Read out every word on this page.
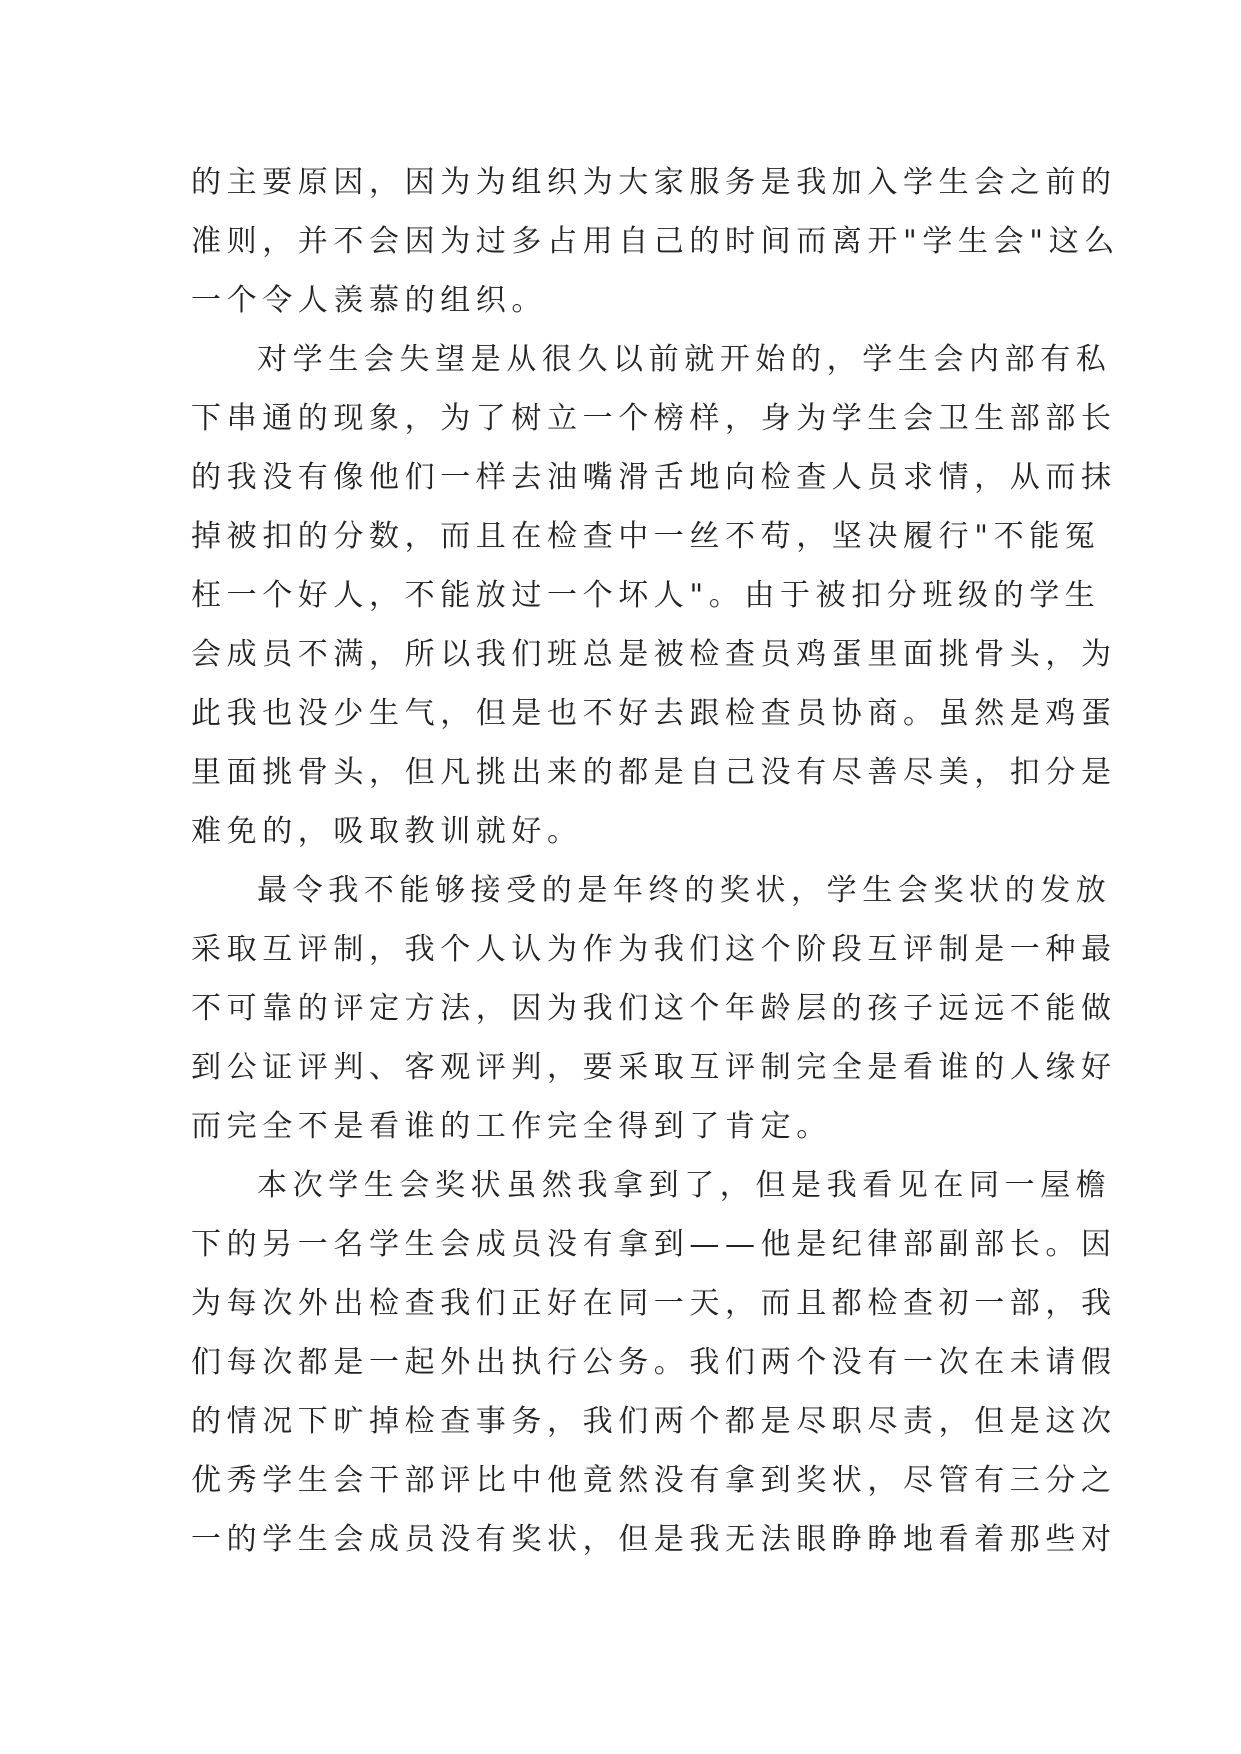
的主要原因，因为为组织为大家服务是我加入学生会之前的
准则，并不会因为过多占用自己的时间而离开"学生会"这么
一个令人羡慕的组织。
对学生会失望是从很久以前就开始的，学生会内部有私
下串通的现象，为了树立一个榜样，身为学生会卫生部部长
的我没有像他们一样去油嘴滑舌地向检查人员求情，从而抹
掉被扣的分数，而且在检查中一丝不苟，坚决履行"不能冤
枉一个好人，不能放过一个坏人"。由于被扣分班级的学生
会成员不满，所以我们班总是被检查员鸡蛋里面挑骨头，为
此我也没少生气，但是也不好去跟检查员协商。虽然是鸡蛋
里面挑骨头，但凡挑出来的都是自己没有尽善尽美，扣分是
难免的，吸取教训就好。
最令我不能够接受的是年终的奖状，学生会奖状的发放
采取互评制，我个人认为作为我们这个阶段互评制是一种最
不可靠的评定方法，因为我们这个年龄层的孩子远远不能做
到公证评判、客观评判，要采取互评制完全是看谁的人缘好
而完全不是看谁的工作完全得到了肯定。
本次学生会奖状虽然我拿到了，但是我看见在同一屋檐
下的另一名学生会成员没有拿到——他是纪律部副部长。因
为每次外出检查我们正好在同一天，而且都检查初一部，我
们每次都是一起外出执行公务。我们两个没有一次在未请假
的情况下旷掉检查事务，我们两个都是尽职尽责，但是这次
优秀学生会干部评比中他竟然没有拿到奖状，尽管有三分之
一的学生会成员没有奖状，但是我无法眼睁睁地看着那些对
